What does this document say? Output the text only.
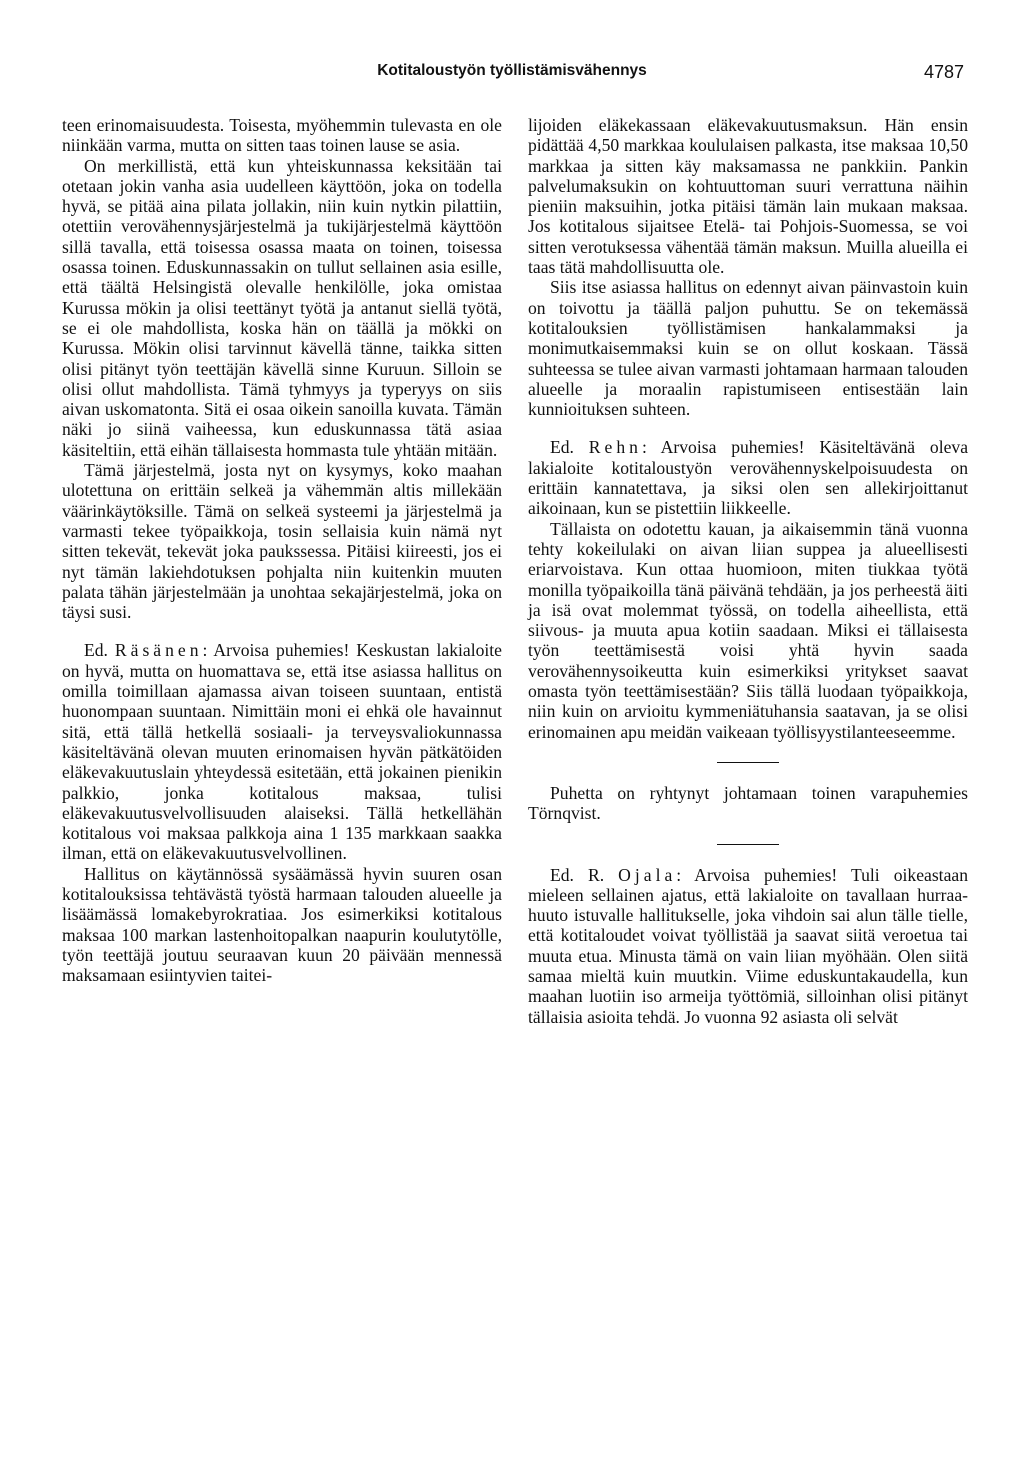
Kotitaloustyön työllistämisvähennys	4787

teen erinomaisuudesta. Toisesta, myöhemmin tulevasta en ole niinkään varma, mutta on sitten taas toinen lause se asia.

On merkillistä, että kun yhteiskunnassa keksitään tai otetaan jokin vanha asia uudelleen käyttöön, joka on todella hyvä, se pitää aina pilata jollakin, niin kuin nytkin pilattiin, otettiin verovähennysjärjestelmä ja tukijärjestelmä käyttöön sillä tavalla, että toisessa osassa maata on toinen, toisessa osassa toinen. Eduskunnassakin on tullut sellainen asia esille, että täältä Helsingistä olevalle henkilölle, joka omistaa Kurussa mökin ja olisi teettänyt työtä ja antanut siellä työtä, se ei ole mahdollista, koska hän on täällä ja mökki on Kurussa. Mökin olisi tarvinnut kävellä tänne, taikka sitten olisi pitänyt työn teettäjän kävellä sinne Kuruun. Silloin se olisi ollut mahdollista. Tämä tyhmyys ja typeryys on siis aivan uskomatonta. Sitä ei osaa oikein sanoilla kuvata. Tämän näki jo siinä vaiheessa, kun eduskunnassa tätä asiaa käsiteltiin, että eihän tällaisesta hommasta tule yhtään mitään.

Tämä järjestelmä, josta nyt on kysymys, koko maahan ulotettuna on erittäin selkeä ja vähemmän altis millekään väärinkäytöksille. Tämä on selkeä systeemi ja järjestelmä ja varmasti tekee työpaikkoja, tosin sellaisia kuin nämä nyt sitten tekevät, tekevät jokа paukssessa. Pitäisi kiireesti, jos ei nyt tämän lakiehdotuksen pohjalta niin kuitenkin muuten palata tähän järjestelmään ja unohtaa sekajärjestelmä, joka on täysi susi.

Ed. Räsänen: Arvoisa puhemies! Keskustan lakialoite on hyvä, mutta on huomattava se, että itse asiassa hallitus on omilla toimillaan ajamassa aivan toiseen suuntaan, entistä huonompaan suuntaan. Nimittäin moni ei ehkä ole havainnut sitä, että tällä hetkellä sosiaali- ja terveysvaliokunnassa käsiteltävänä olevan muuten erinomaisen hyvän pätkätöiden eläkevakuutuslain yhteydessä esitetään, että jokainen pienikin palkkio, jonka kotitalous maksaa, tulisi eläkevakuutusvelvollisuuden alaiseksi. Tällä hetkellähän kotitalous voi maksaa palkkoja aina 1 135 markkaan saakka ilman, että on eläkevakuutusvelvollinen.

Hallitus on käytännössä sysäämässä hyvin suuren osan kotitalouksissa tehtävästä työstä harmaan talouden alueelle ja lisäämässä lomakebyrokratiaa. Jos esimerkiksi kotitalous maksaa 100 markan lastenhoitopalkan naapurin koulutytölle, työn teettäjä joutuu seuraavan kuun 20 päivään mennessä maksamaan esiintyvien taitei-

lijoiden eläkekassaan eläkevakuutusmaksun. Hän ensin pidättää 4,50 markkaa koululaisen palkasta, itse maksaa 10,50 markkaa ja sitten käy maksamassa ne pankkiin. Pankin palvelumaksukin on kohtuuttoman suuri verrattuna näihin pieniin maksuihin, jotka pitäisi tämän lain mukaan maksaa. Jos kotitalous sijaitsee Etelä- tai Pohjois-Suomessa, se voi sitten verotuksessa vähentää tämän maksun. Muilla alueilla ei taas tätä mahdollisuutta ole.

Siis itse asiassa hallitus on edennyt aivan päinvastoin kuin on toivottu ja täällä paljon puhuttu. Se on tekemässä kotitalouksien työllistämisen hankalammaksi ja monimutkaisemmaksi kuin se on ollut koskaan. Tässä suhteessa se tulee aivan varmasti johtamaan harmaan talouden alueelle ja moraalin rapistumiseen entisestään lain kunnioituksen suhteen.

Ed. Rehn: Arvoisa puhemies! Käsiteltävänä oleva lakialoite kotitaloustyön verovähennyskelpoisuudesta on erittäin kannatettava, ja siksi olen sen allekirjoittanut aikoinaan, kun se pistettiin liikkeelle.

Tällaista on odotettu kauan, ja aikaisemmin tänä vuonna tehty kokeilulaki on aivan liian suppea ja alueellisesti eriarvoistava. Kun ottaa huomioon, miten tiukkaa työtä monilla työpaikoilla tänä päivänä tehdään, ja jos perheestä äiti ja isä ovat molemmat työssä, on todella aiheellista, että siivous- ja muuta apua kotiin saadaan. Miksi ei tällaisesta työn teettämisestä voisi yhtä hyvin saada verovähennysoikeutta kuin esimerkiksi yritykset saavat omasta työn teettämisestään? Siis tällä luodaan työpaikkoja, niin kuin on arvioitu kymmeniätuhansia saatavan, ja se olisi erinomainen apu meidän vaikeaan työllisyystilanteeseemme.

Puhetta on ryhtynyt johtamaan toinen varapuhemies Törnqvist.

Ed. R. Ojala: Arvoisa puhemies! Tuli oikeastaan mieleen sellainen ajatus, että lakialoite on tavallaan hurraa-huuto istuvalle hallitukselle, joka vihdoin sai alun tälle tielle, että kotitaloudet voivat työllistää ja saavat siitä veroetua tai muuta etua. Minusta tämä on vain liian myöhään. Olen siitä samaa mieltä kuin muutkin. Viime eduskuntakaudella, kun maahan luotiin iso armeija työttömiä, silloinhan olisi pitänyt tällaisia asioita tehdä. Jo vuonna 92 asiasta oli selvät
